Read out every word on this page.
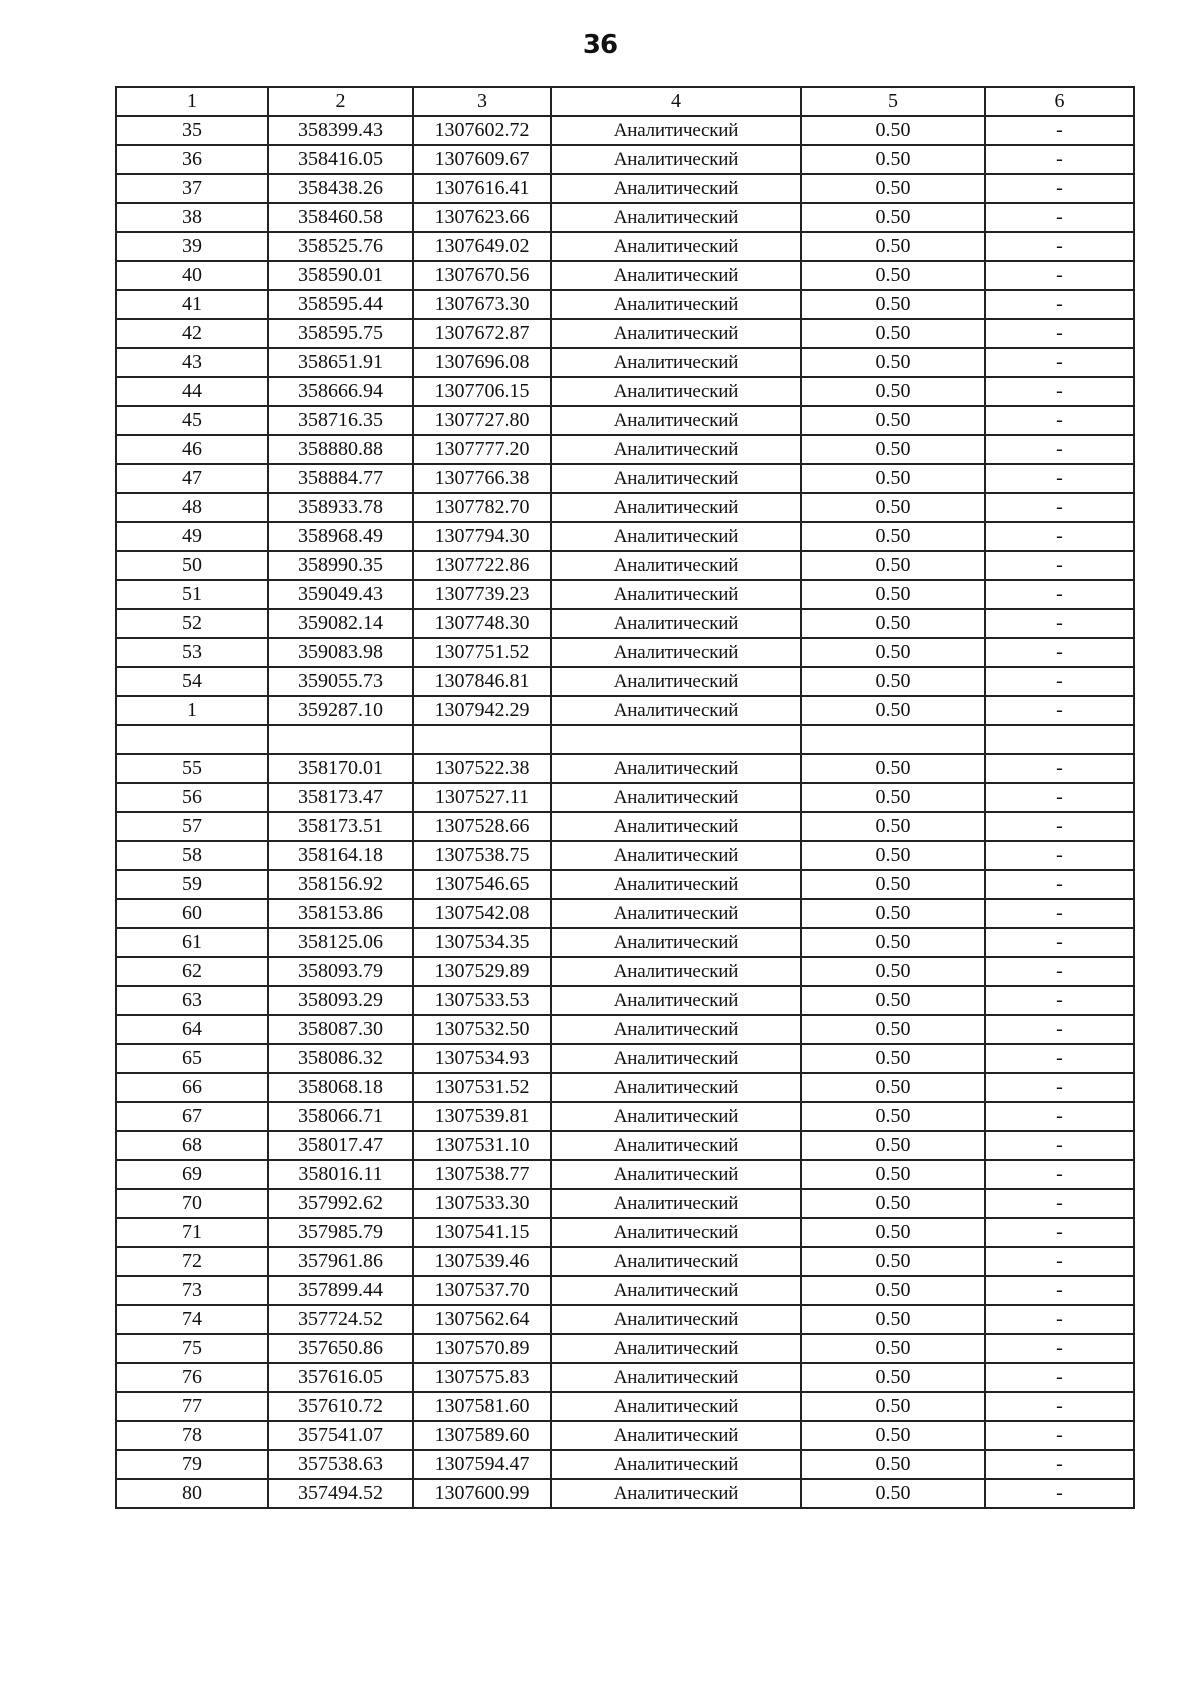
36
1	2	3	4	5	6
35	358399.43	1307602.72	Аналитический	0.50	-
36	358416.05	1307609.67	Аналитический	0.50	-
37	358438.26	1307616.41	Аналитический	0.50	-
38	358460.58	1307623.66	Аналитический	0.50	-
39	358525.76	1307649.02	Аналитический	0.50	-
40	358590.01	1307670.56	Аналитический	0.50	-
41	358595.44	1307673.30	Аналитический	0.50	-
42	358595.75	1307672.87	Аналитический	0.50	-
43	358651.91	1307696.08	Аналитический	0.50	-
44	358666.94	1307706.15	Аналитический	0.50	-
45	358716.35	1307727.80	Аналитический	0.50	-
46	358880.88	1307777.20	Аналитический	0.50	-
47	358884.77	1307766.38	Аналитический	0.50	-
48	358933.78	1307782.70	Аналитический	0.50	-
49	358968.49	1307794.30	Аналитический	0.50	-
50	358990.35	1307722.86	Аналитический	0.50	-
51	359049.43	1307739.23	Аналитический	0.50	-
52	359082.14	1307748.30	Аналитический	0.50	-
53	359083.98	1307751.52	Аналитический	0.50	-
54	359055.73	1307846.81	Аналитический	0.50	-
1	359287.10	1307942.29	Аналитический	0.50	-

55	358170.01	1307522.38	Аналитический	0.50	-
56	358173.47	1307527.11	Аналитический	0.50	-
57	358173.51	1307528.66	Аналитический	0.50	-
58	358164.18	1307538.75	Аналитический	0.50	-
59	358156.92	1307546.65	Аналитический	0.50	-
60	358153.86	1307542.08	Аналитический	0.50	-
61	358125.06	1307534.35	Аналитический	0.50	-
62	358093.79	1307529.89	Аналитический	0.50	-
63	358093.29	1307533.53	Аналитический	0.50	-
64	358087.30	1307532.50	Аналитический	0.50	-
65	358086.32	1307534.93	Аналитический	0.50	-
66	358068.18	1307531.52	Аналитический	0.50	-
67	358066.71	1307539.81	Аналитический	0.50	-
68	358017.47	1307531.10	Аналитический	0.50	-
69	358016.11	1307538.77	Аналитический	0.50	-
70	357992.62	1307533.30	Аналитический	0.50	-
71	357985.79	1307541.15	Аналитический	0.50	-
72	357961.86	1307539.46	Аналитический	0.50	-
73	357899.44	1307537.70	Аналитический	0.50	-
74	357724.52	1307562.64	Аналитический	0.50	-
75	357650.86	1307570.89	Аналитический	0.50	-
76	357616.05	1307575.83	Аналитический	0.50	-
77	357610.72	1307581.60	Аналитический	0.50	-
78	357541.07	1307589.60	Аналитический	0.50	-
79	357538.63	1307594.47	Аналитический	0.50	-
80	357494.52	1307600.99	Аналитический	0.50	-
